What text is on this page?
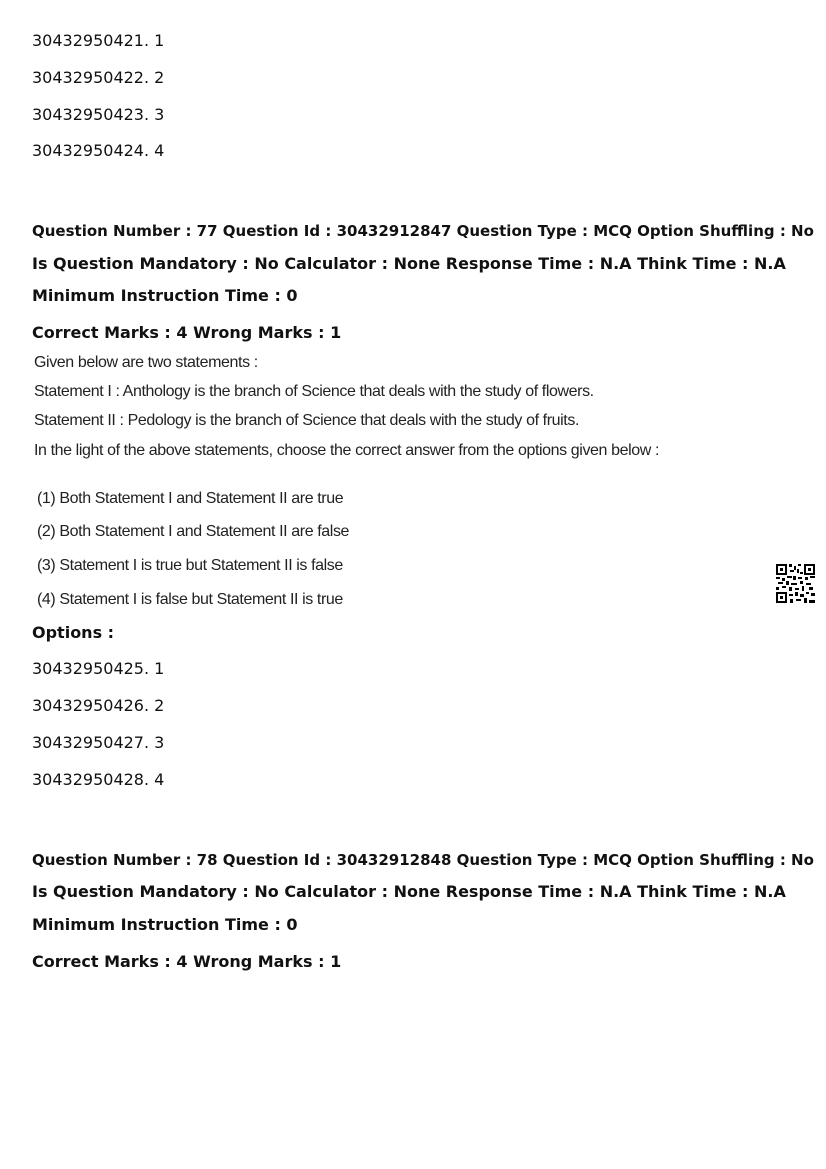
30432950421. 1
30432950422. 2
30432950423. 3
30432950424. 4
Question Number : 77 Question Id : 30432912847 Question Type : MCQ Option Shuffling : No
Is Question Mandatory : No Calculator : None Response Time : N.A Think Time : N.A
Minimum Instruction Time : 0
Correct Marks : 4 Wrong Marks : 1
Given below are two statements :
Statement I : Anthology is the branch of Science that deals with the study of flowers.
Statement II : Pedology is the branch of Science that deals with the study of fruits.
In the light of the above statements, choose the correct answer from the options given below :
(1) Both Statement I and Statement II are true
(2) Both Statement I and Statement II are false
(3) Statement I is true but Statement II is false
(4) Statement I is false but Statement II is true
Options :
30432950425. 1
30432950426. 2
30432950427. 3
30432950428. 4
Question Number : 78 Question Id : 30432912848 Question Type : MCQ Option Shuffling : No
Is Question Mandatory : No Calculator : None Response Time : N.A Think Time : N.A
Minimum Instruction Time : 0
Correct Marks : 4 Wrong Marks : 1
